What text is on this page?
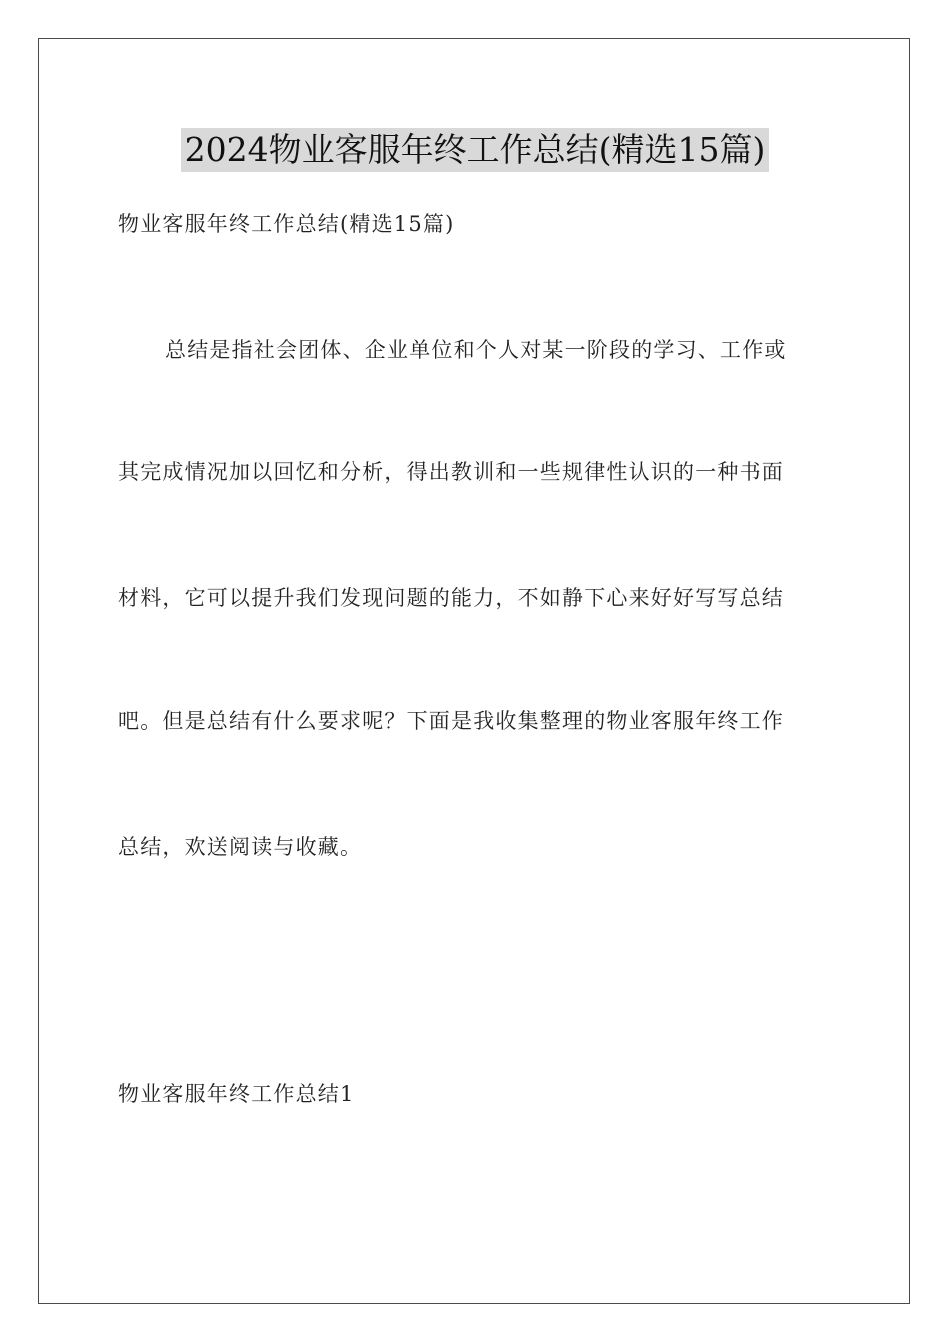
2024物业客服年终工作总结(精选15篇)
物业客服年终工作总结(精选15篇)
总结是指社会团体、企业单位和个人对某一阶段的学习、工作或
其完成情况加以回忆和分析，得出教训和一些规律性认识的一种书面
材料，它可以提升我们发现问题的能力，不如静下心来好好写写总结
吧。但是总结有什么要求呢？下面是我收集整理的物业客服年终工作
总结，欢送阅读与收藏。
物业客服年终工作总结1
